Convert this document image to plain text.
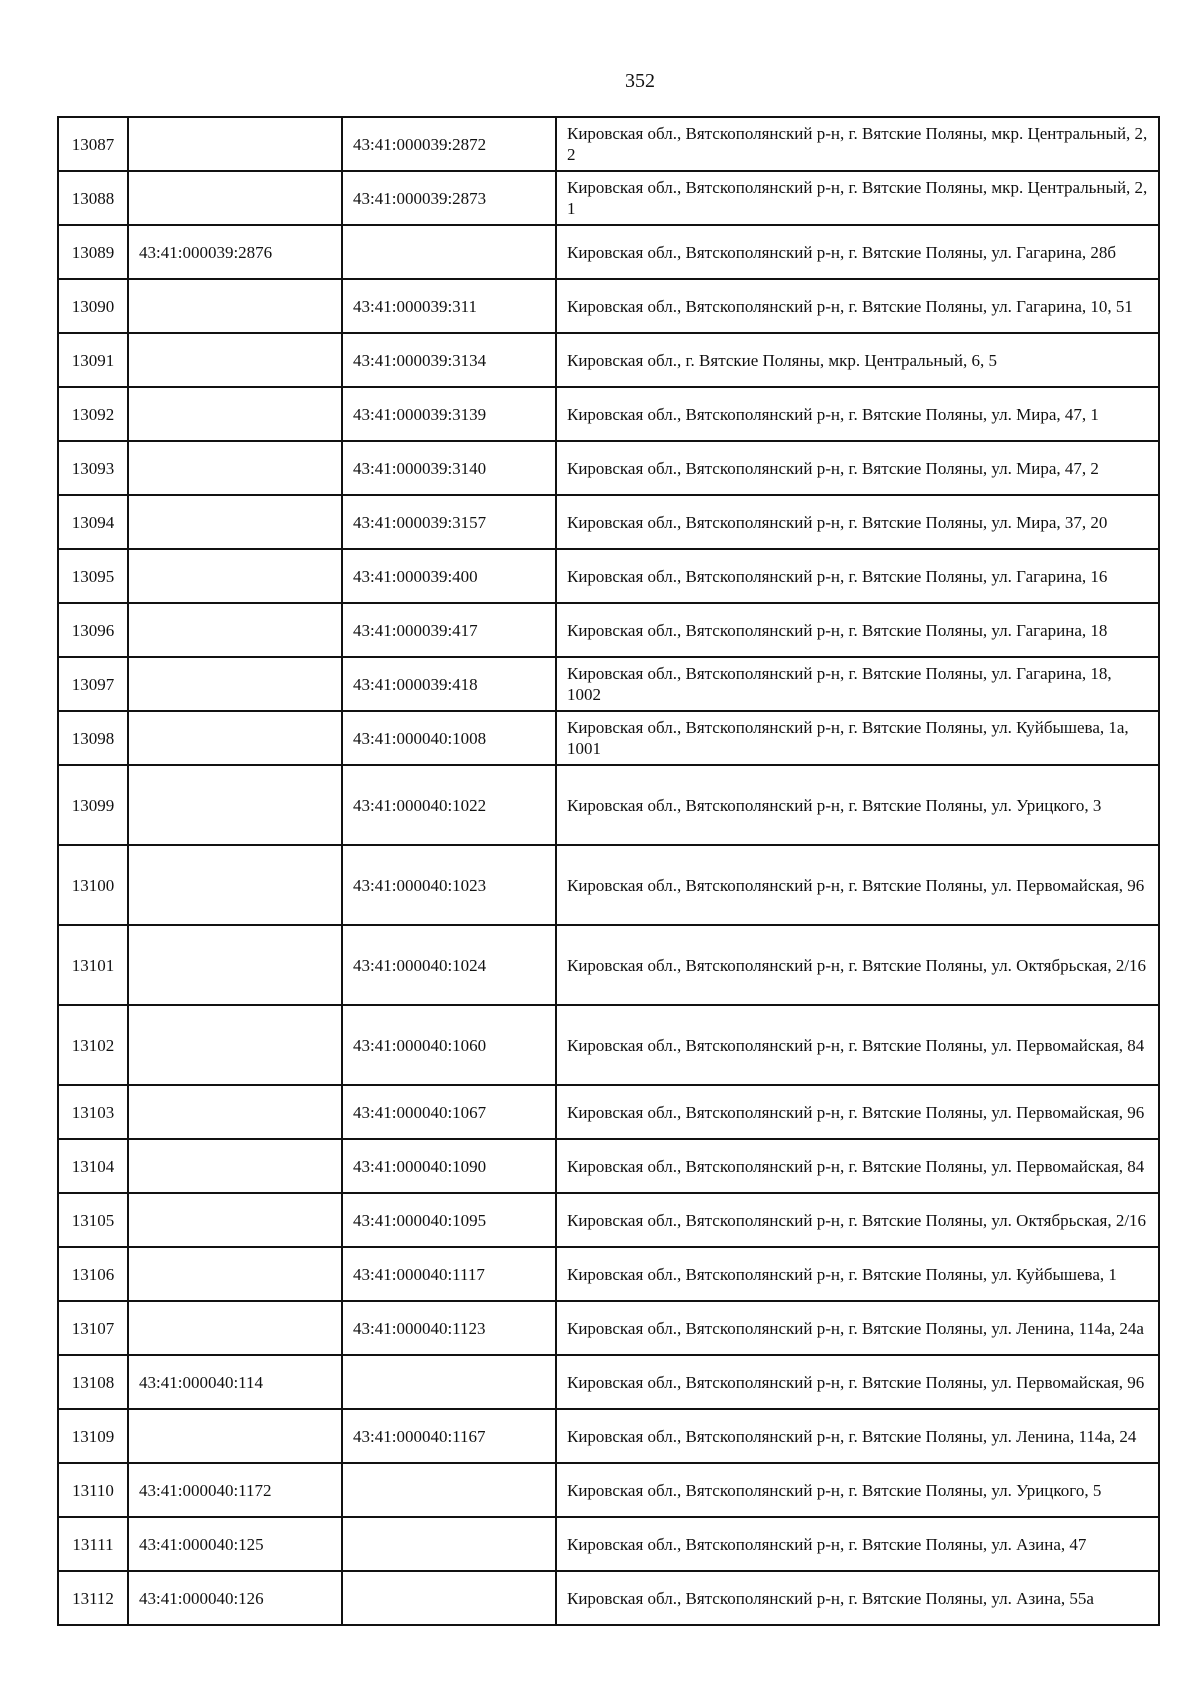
352
13087		43:41:000039:2872	Кировская обл., Вятскополянский р-н, г. Вятские Поляны, мкр. Центральный, 2, 2
13088		43:41:000039:2873	Кировская обл., Вятскополянский р-н, г. Вятские Поляны, мкр. Центральный, 2, 1
13089	43:41:000039:2876		Кировская обл., Вятскополянский р-н, г. Вятские Поляны, ул. Гагарина, 28б
13090		43:41:000039:311	Кировская обл., Вятскополянский р-н, г. Вятские Поляны, ул. Гагарина, 10, 51
13091		43:41:000039:3134	Кировская обл., г. Вятские Поляны, мкр. Центральный, 6, 5
13092		43:41:000039:3139	Кировская обл., Вятскополянский р-н, г. Вятские Поляны, ул. Мира, 47, 1
13093		43:41:000039:3140	Кировская обл., Вятскополянский р-н, г. Вятские Поляны, ул. Мира, 47, 2
13094		43:41:000039:3157	Кировская обл., Вятскополянский р-н, г. Вятские Поляны, ул. Мира, 37, 20
13095		43:41:000039:400	Кировская обл., Вятскополянский р-н, г. Вятские Поляны, ул. Гагарина, 16
13096		43:41:000039:417	Кировская обл., Вятскополянский р-н, г. Вятские Поляны, ул. Гагарина, 18
13097		43:41:000039:418	Кировская обл., Вятскополянский р-н, г. Вятские Поляны, ул. Гагарина, 18, 1002
13098		43:41:000040:1008	Кировская обл., Вятскополянский р-н, г. Вятские Поляны, ул. Куйбышева, 1а, 1001
13099		43:41:000040:1022	Кировская обл., Вятскополянский р-н, г. Вятские Поляны, ул. Урицкого, 3
13100		43:41:000040:1023	Кировская обл., Вятскополянский р-н, г. Вятские Поляны, ул. Первомайская, 96
13101		43:41:000040:1024	Кировская обл., Вятскополянский р-н, г. Вятские Поляны, ул. Октябрьская, 2/16
13102		43:41:000040:1060	Кировская обл., Вятскополянский р-н, г. Вятские Поляны, ул. Первомайская, 84
13103		43:41:000040:1067	Кировская обл., Вятскополянский р-н, г. Вятские Поляны, ул. Первомайская, 96
13104		43:41:000040:1090	Кировская обл., Вятскополянский р-н, г. Вятские Поляны, ул. Первомайская, 84
13105		43:41:000040:1095	Кировская обл., Вятскополянский р-н, г. Вятские Поляны, ул. Октябрьская, 2/16
13106		43:41:000040:1117	Кировская обл., Вятскополянский р-н, г. Вятские Поляны, ул. Куйбышева, 1
13107		43:41:000040:1123	Кировская обл., Вятскополянский р-н, г. Вятские Поляны, ул. Ленина, 114а, 24а
13108	43:41:000040:114		Кировская обл., Вятскополянский р-н, г. Вятские Поляны, ул. Первомайская, 96
13109		43:41:000040:1167	Кировская обл., Вятскополянский р-н, г. Вятские Поляны, ул. Ленина, 114а, 24
13110	43:41:000040:1172		Кировская обл., Вятскополянский р-н, г. Вятские Поляны, ул. Урицкого, 5
13111	43:41:000040:125		Кировская обл., Вятскополянский р-н, г. Вятские Поляны, ул. Азина, 47
13112	43:41:000040:126		Кировская обл., Вятскополянский р-н, г. Вятские Поляны, ул. Азина, 55а
